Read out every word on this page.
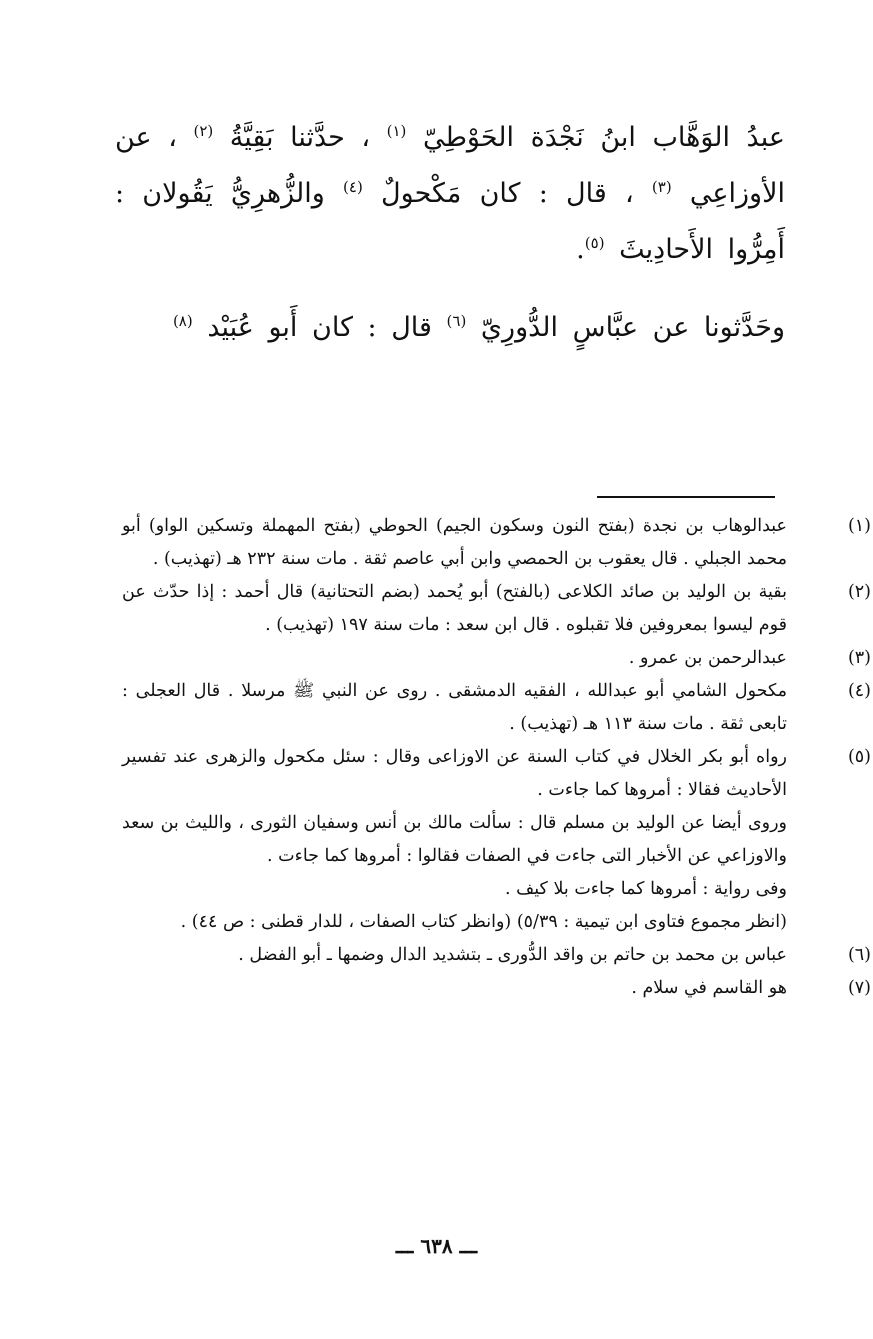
عبدُ الوَهَّاب ابنُ نَجْدَة الحَوْطِيّ $^{(١)}$ ، حدَّثنا بَقِيَّةُ $^{(٢)}$ ، عن الأوزاعِي $^{(٣)}$ ، قال : كان مَكْحولٌ $^{(٤)}$ والزُّهرِيُّ يَقُولان : أَمِرُّوا الأَحادِيثَ $^{(٥)}$.

وحَدَّثونا عن عبَّاسٍ الدُّورِيّ $^{(٦)}$ قال : كان أَبو عُبَيْد $^{(٨)}$

(١)
عبدالوهاب بن نجدة (بفتح النون وسكون الجيم) الحوطي (بفتح المهملة وتسكين الواو) أبو محمد الجبلي . قال يعقوب بن الحمصي وابن أبي عاصم ثقة . مات سنة ٢٣٢ هـ (تهذيب) .
(٢)
بقية بن الوليد بن صائد الكلاعى (بالفتح) أبو يُحمد (بضم التحتانية) قال أحمد : إذا حدّث عن قوم ليسوا بمعروفين فلا تقبلوه . قال ابن سعد : مات سنة ١٩٧ (تهذيب) .
(٣)
عبدالرحمن بن عمرو .
(٤)
مكحول الشامي أبو عبدالله ، الفقيه الدمشقى . روى عن النبي ﷺ مرسلا . قال العجلى : تابعى ثقة . مات سنة ١١٣ هـ (تهذيب) .
(٥)
رواه أبو بكر الخلال في كتاب السنة عن الاوزاعى وقال : سئل مكحول والزهرى عند تفسير الأحاديث فقالا : أمروها كما جاءت .
وروى أيضا عن الوليد بن مسلم قال : سألت مالك بن أنس وسفيان الثورى ، والليث بن سعد والاوزاعي عن الأخبار التى جاءت في الصفات فقالوا : أمروها كما جاءت .
وفى رواية : أمروها كما جاءت بلا كيف .
(انظر مجموع فتاوى ابن تيمية : ٥/٣٩) (وانظر كتاب الصفات ، للدار قطنى : ص ٤٤) .
(٦)
عباس بن محمد بن حاتم بن واقد الدُّورى ـ بتشديد الدال وضمها ـ أبو الفضل .
(٧)
هو القاسم في سلام .
ـــ ٦٣٨ ـــ
